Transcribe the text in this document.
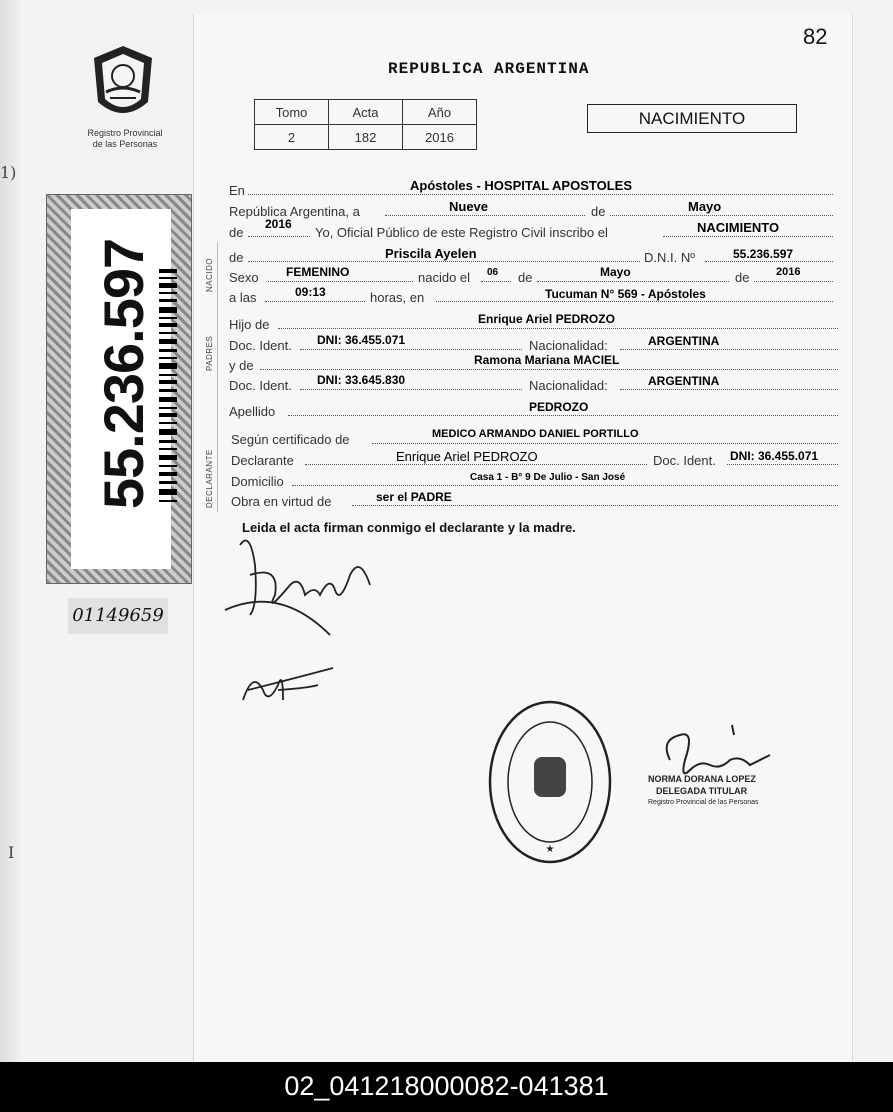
1)
I
82
Registro Provincial
de las Personas
REPUBLICA ARGENTINA
Tomo	Acta	Año
2	182	2016
NACIMIENTO
55.236.597
01149659
NACIDO
PADRES
DECLARANTE
En	Apóstoles - HOSPITAL APOSTOLES
República Argentina, a	Nueve	de	Mayo
de
2016
Yo, Oficial Público de este Registro Civil inscribo el	NACIMIENTO
de	Priscila Ayelen	D.N.I. Nº	55.236.597
Sexo FEMENINO	nacido el 06 de	Mayo	de 2016
a las	09:13	horas, en	Tucuman N° 569 - Apóstoles
Hijo de	Enrique Ariel PEDROZO
Doc. Ident. DNI: 36.455.071	Nacionalidad:	ARGENTINA
y de	Ramona Mariana MACIEL
Doc. Ident. DNI: 33.645.830	Nacionalidad:	ARGENTINA
Apellido	PEDROZO
Según certificado de	MEDICO ARMANDO DANIEL PORTILLO
Declarante	Enrique Ariel PEDROZO	Doc. Ident. DNI: 36.455.071
Domicilio	Casa 1 - B° 9 De Julio - San José
Obra en virtud de	ser el PADRE
Leida el acta firman conmigo el declarante y la madre.
★
NORMA DORANA LOPEZ
DELEGADA TITULAR
Registro Provincial de las Personas
02_041218000082-041381
